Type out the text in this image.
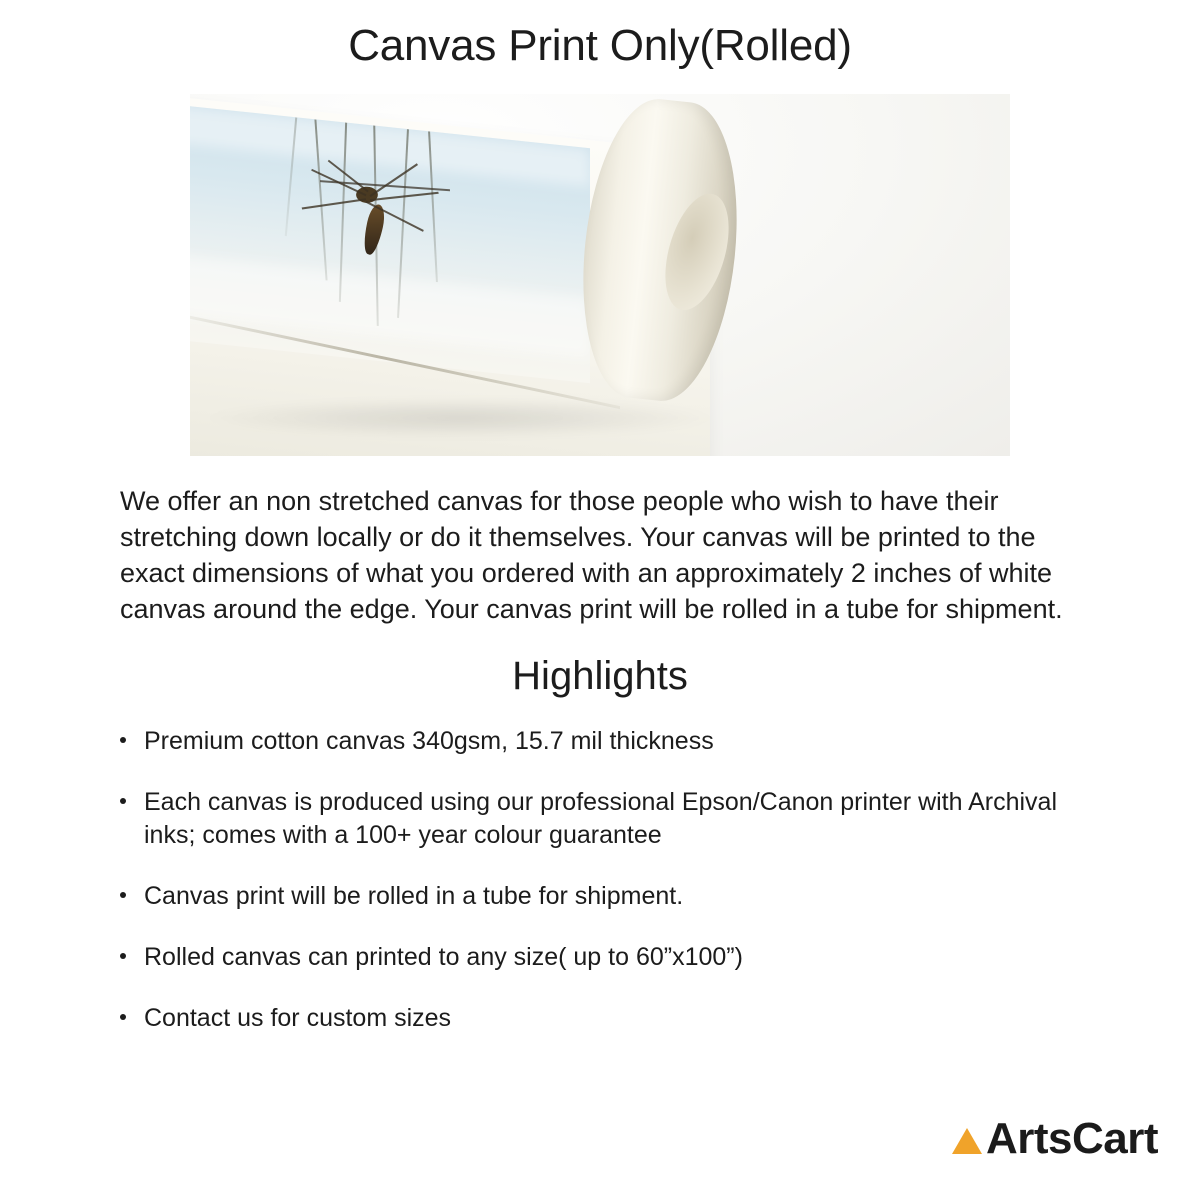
Canvas Print Only(Rolled)
We offer an non stretched canvas for those people who wish to have their stretching down locally or do it themselves. Your canvas will be printed to the exact dimensions of what you ordered with an approximately 2 inches of white canvas around the edge. Your canvas print will be rolled in a tube for shipment.
Highlights
Premium cotton canvas 340gsm, 15.7 mil thickness
Each canvas is produced using our professional Epson/Canon printer with Archival inks; comes with a 100+ year colour guarantee
Canvas print will be rolled in a tube for shipment.
Rolled canvas can printed to any size( up to 60”x100”)
Contact us for custom sizes
Arts Cart
